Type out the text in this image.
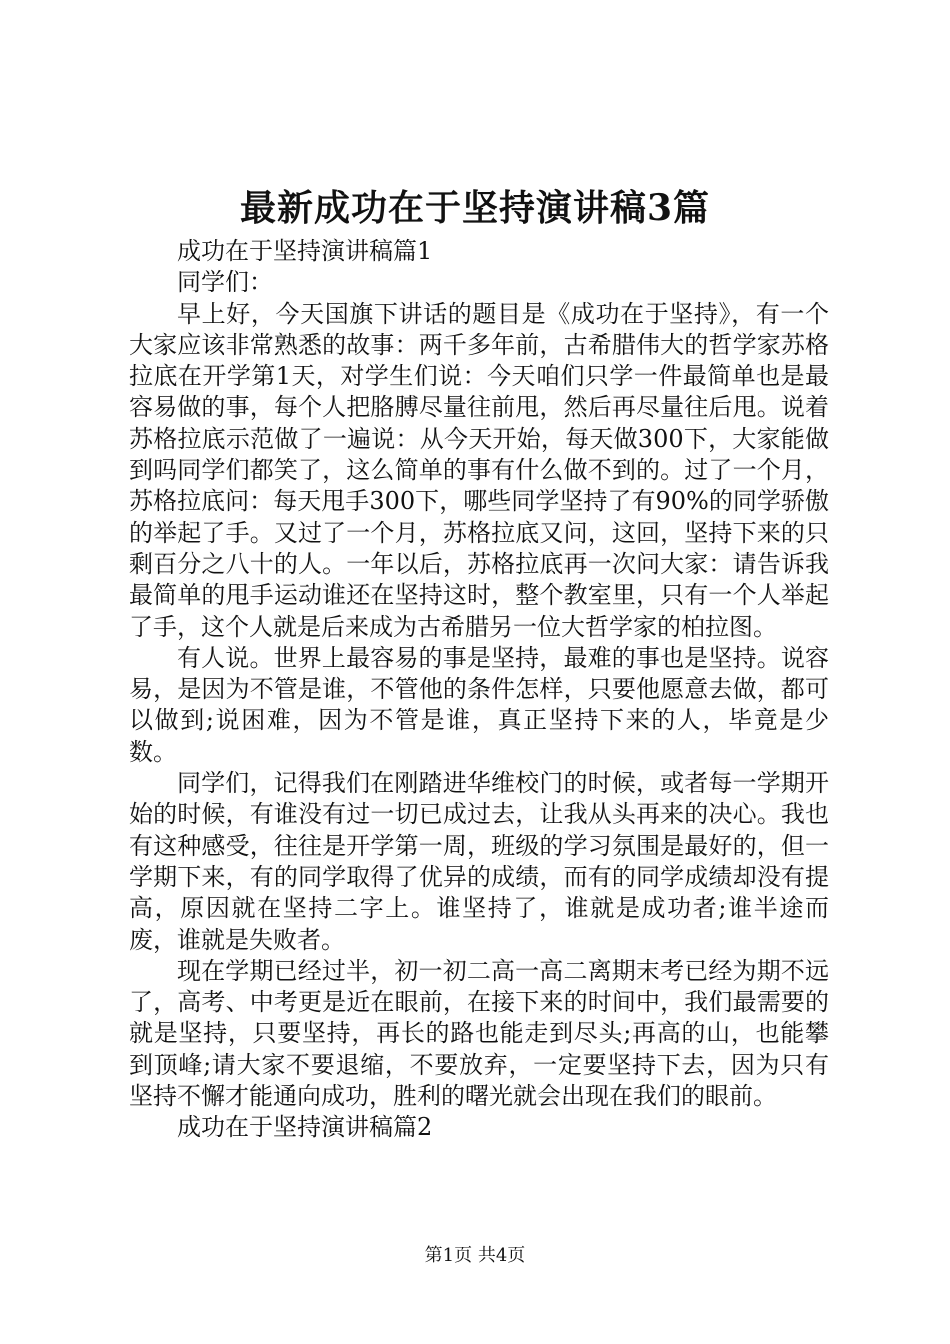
最新成功在于坚持演讲稿3篇

成功在于坚持演讲稿篇1

同学们：

早上好，今天国旗下讲话的题目是《成功在于坚持》，有一个大家应该非常熟悉的故事：两千多年前，古希腊伟大的哲学家苏格拉底在开学第1天，对学生们说：今天咱们只学一件最简单也是最容易做的事，每个人把胳膊尽量往前甩，然后再尽量往后甩。说着苏格拉底示范做了一遍说：从今天开始，每天做300下，大家能做到吗同学们都笑了，这么简单的事有什么做不到的。过了一个月，苏格拉底问：每天甩手300下，哪些同学坚持了有90%的同学骄傲的举起了手。又过了一个月，苏格拉底又问，这回，坚持下来的只剩百分之八十的人。一年以后，苏格拉底再一次问大家：请告诉我最简单的甩手运动谁还在坚持这时，整个教室里，只有一个人举起了手，这个人就是后来成为古希腊另一位大哲学家的柏拉图。

有人说。世界上最容易的事是坚持，最难的事也是坚持。说容易，是因为不管是谁，不管他的条件怎样，只要他愿意去做，都可以做到;说困难，因为不管是谁，真正坚持下来的人，毕竟是少数。

同学们，记得我们在刚踏进华维校门的时候，或者每一学期开始的时候，有谁没有过一切已成过去，让我从头再来的决心。我也有这种感受，往往是开学第一周，班级的学习氛围是最好的，但一学期下来，有的同学取得了优异的成绩，而有的同学成绩却没有提高，原因就在坚持二字上。谁坚持了，谁就是成功者;谁半途而废，谁就是失败者。

现在学期已经过半，初一初二高一高二离期末考已经为期不远了，高考、中考更是近在眼前，在接下来的时间中，我们最需要的就是坚持，只要坚持，再长的路也能走到尽头;再高的山，也能攀到顶峰;请大家不要退缩，不要放弃，一定要坚持下去，因为只有坚持不懈才能通向成功，胜利的曙光就会出现在我们的眼前。

成功在于坚持演讲稿篇2

第1页 共4页
